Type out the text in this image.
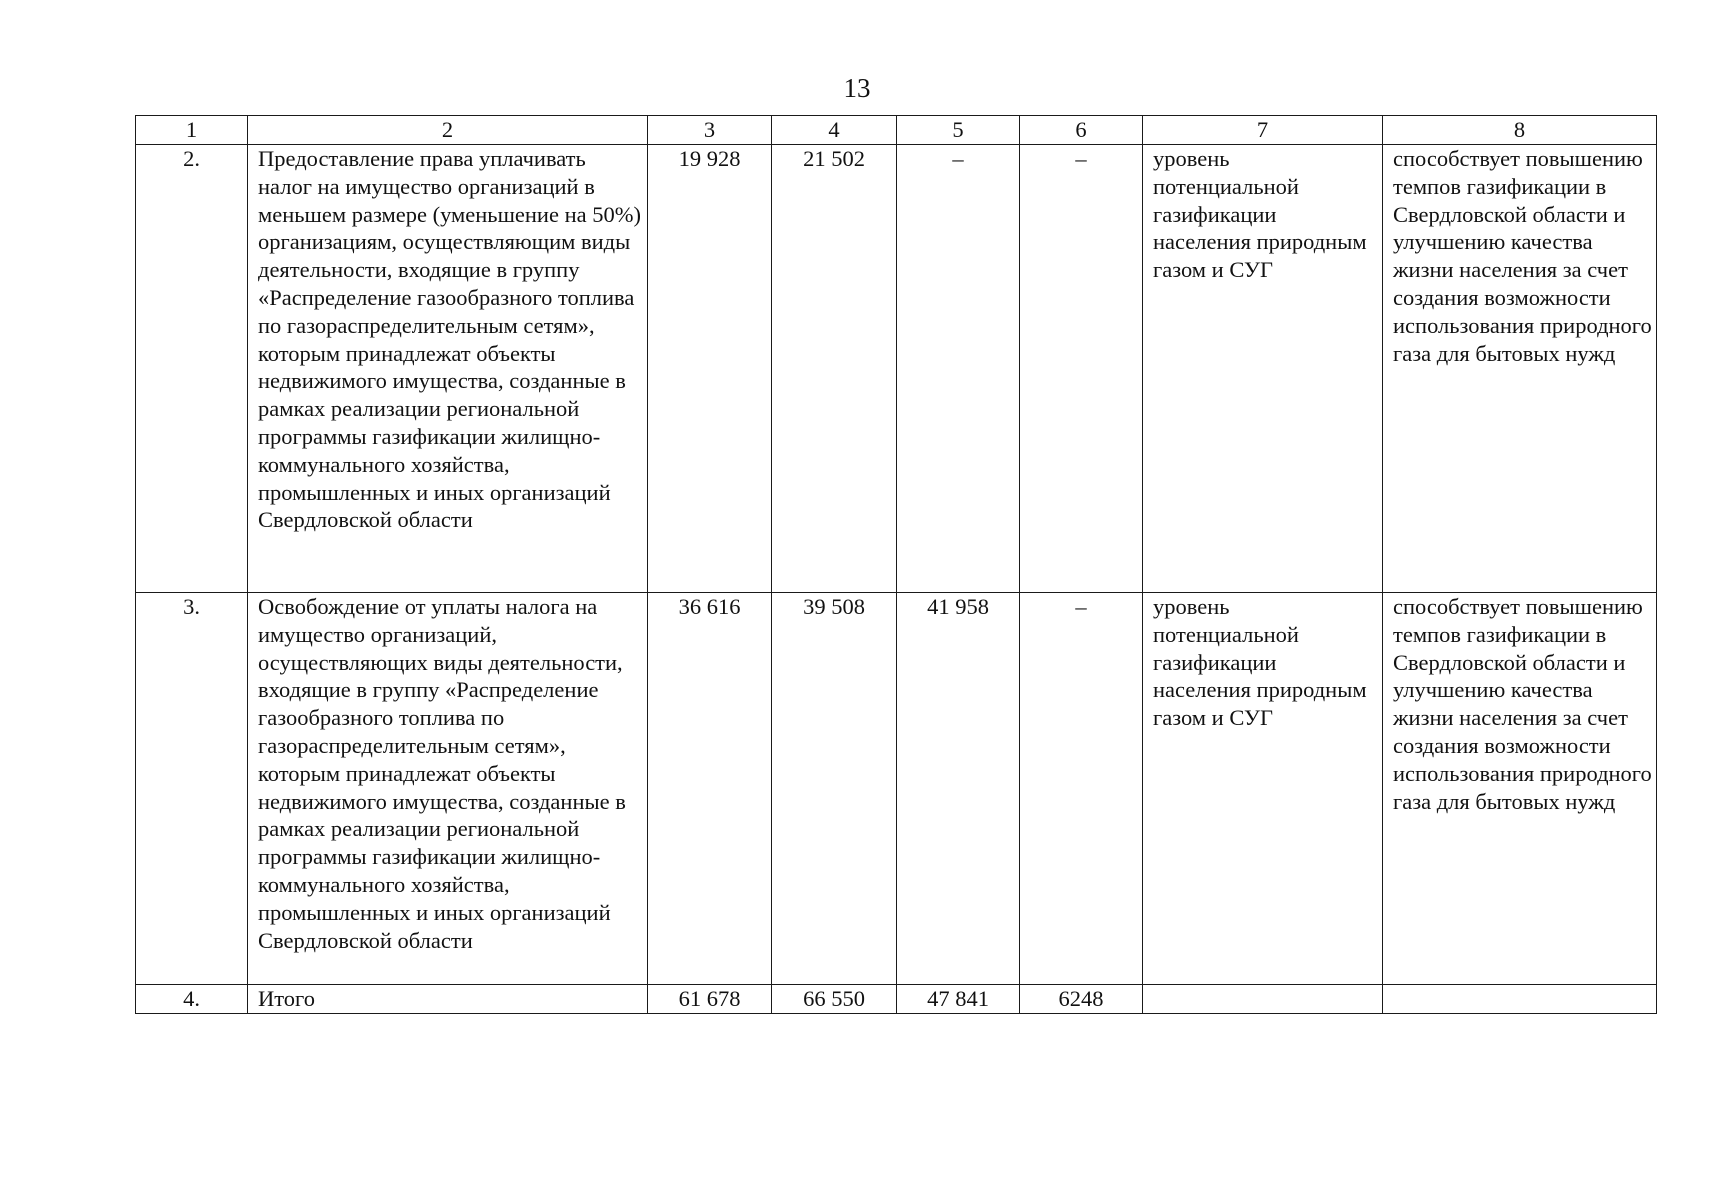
13
1	2	3	4	5	6	7	8
2.	Предоставление права уплачивать налог на имущество организаций в меньшем размере (уменьшение на 50%) организациям, осуществляющим виды деятельности, входящие в группу «Распределение газообразного топлива по газораспределительным сетям», которым принадлежат объекты недвижимого имущества, созданные в рамках реализации региональной программы газификации жилищно-коммунального хозяйства, промышленных и иных организаций Свердловской области	19 928	21 502	–	–	уровень потенциальной газификации населения природным газом и СУГ	способствует повышению темпов газификации в Свердловской области и улучшению качества жизни населения за счет создания возможности использования природного газа для бытовых нужд
3.	Освобождение от уплаты налога на имущество организаций, осуществляющих виды деятельности, входящие в группу «Распределение газообразного топлива по газораспределительным сетям», которым принадлежат объекты недвижимого имущества, созданные в рамках реализации региональной программы газификации жилищно-коммунального хозяйства, промышленных и иных организаций Свердловской области	36 616	39 508	41 958	–	уровень потенциальной газификации населения природным газом и СУГ	способствует повышению темпов газификации в Свердловской области и улучшению качества жизни населения за счет создания возможности использования природного газа для бытовых нужд
4.	Итого	61 678	66 550	47 841	6248		
